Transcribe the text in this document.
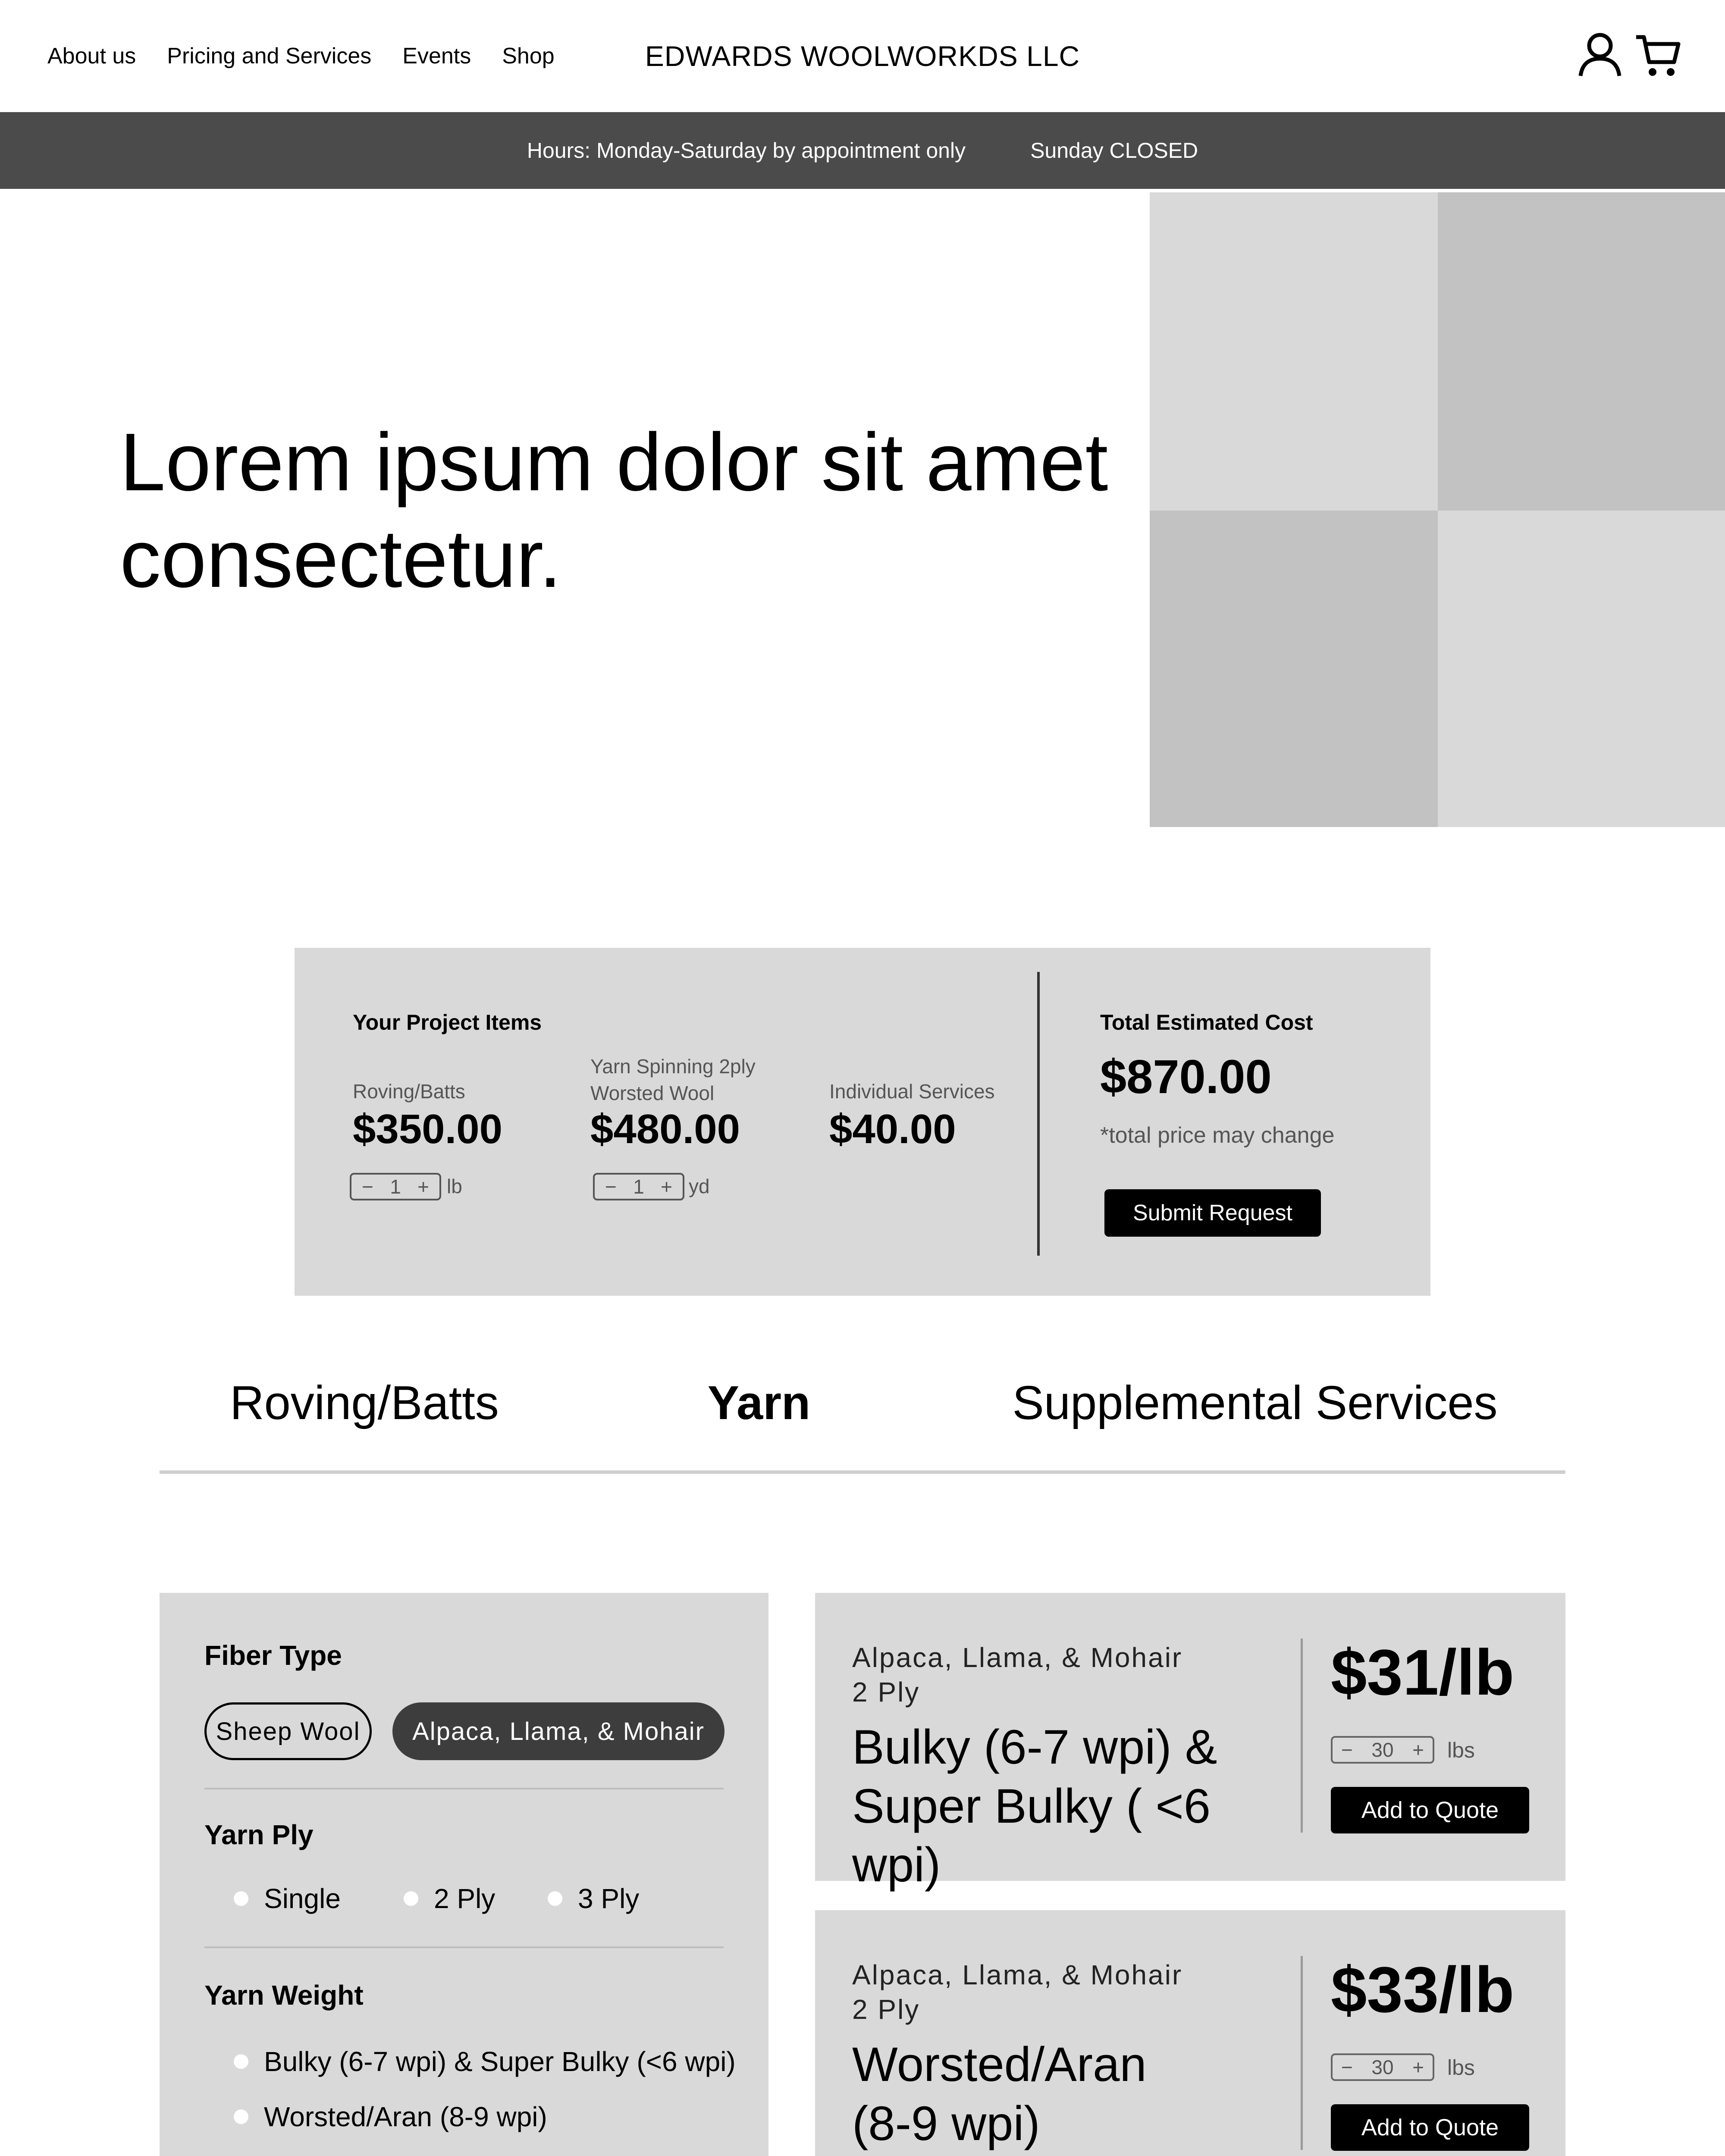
EDWARDS WOOLWORKDS LLC
About us Pricing and Services Events Shop
Hours: Monday-Saturday by appointment only	Sunday CLOSED
Lorem ipsum dolor sit amet
consectetur.
Your Project Items
Roving/Batts
$350.00
− 1 + lb
Yarn Spinning 2ply
Worsted Wool
$480.00
− 1 + yd
Individual Services
$40.00
Total Estimated Cost
$870.00
*total price may change
Submit Request
Roving/Batts	Yarn	Supplemental Services
Fiber Type
Sheep Wool	Alpaca, Llama, & Mohair
Yarn Ply
Single	2 Ply	3 Ply
Yarn Weight
Bulky (6-7 wpi) & Super Bulky (<6 wpi)
Worsted/Aran (8-9 wpi)
Alpaca, Llama, & Mohair
2 Ply
Bulky (6-7 wpi) &
Super Bulky ( <6 wpi)
$31/lb
− 30 + lbs
Add to Quote
Alpaca, Llama, & Mohair
2 Ply
Worsted/Aran
(8-9 wpi)
$33/lb
− 30 + lbs
Add to Quote
